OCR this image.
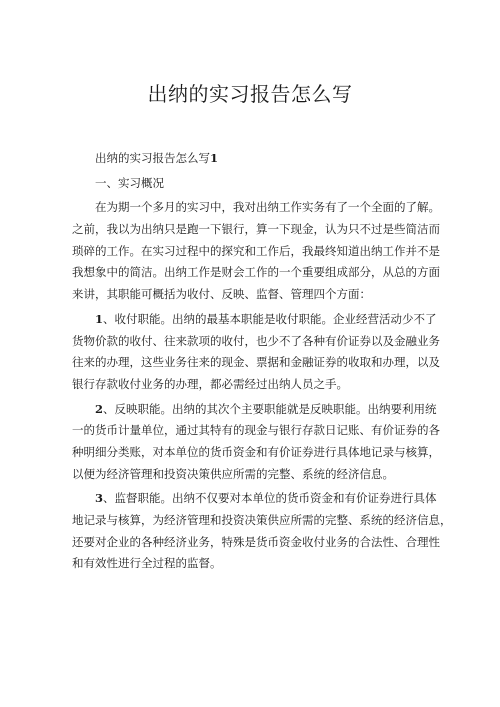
出纳的实习报告怎么写
出纳的实习报告怎么写1
一、实习概况
在为期一个多月的实习中，我对出纳工作实务有了一个全面的了解。
之前，我以为出纳只是跑一下银行，算一下现金，认为只不过是些简洁而
琐碎的工作。在实习过程中的探究和工作后，我最终知道出纳工作并不是
我想象中的简洁。出纳工作是财会工作的一个重要组成部分，从总的方面
来讲，其职能可概括为收付、反映、监督、管理四个方面：
1、收付职能。出纳的最基本职能是收付职能。企业经营活动少不了
货物价款的收付、往来款项的收付，也少不了各种有价证券以及金融业务
往来的办理，这些业务往来的现金、票据和金融证券的收取和办理，以及
银行存款收付业务的办理，都必需经过出纳人员之手。
2、反映职能。出纳的其次个主要职能就是反映职能。出纳要利用统
一的货币计量单位，通过其特有的现金与银行存款日记账、有价证券的各
种明细分类账，对本单位的货币资金和有价证券进行具体地记录与核算，
以便为经济管理和投资决策供应所需的完整、系统的经济信息。
3、监督职能。出纳不仅要对本单位的货币资金和有价证券进行具体
地记录与核算，为经济管理和投资决策供应所需的完整、系统的经济信息，
还要对企业的各种经济业务，特殊是货币资金收付业务的合法性、合理性
和有效性进行全过程的监督。
